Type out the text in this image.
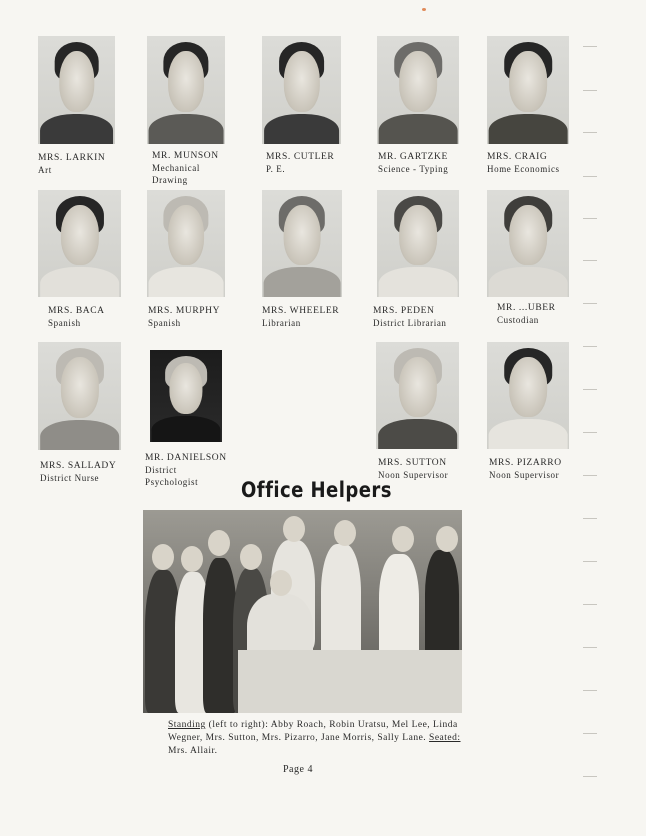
MRS. LARKIN
Art
MR. MUNSON
Mechanical Drawing
MRS. CUTLER
P. E.
MR. GARTZKE
Science - Typing
MRS. CRAIG
Home Economics
MRS. BACA
Spanish
MRS. MURPHY
Spanish
MRS. WHEELER
Librarian
MRS. PEDEN
District Librarian
MR. ...UBER
Custodian
MRS. SALLADY
District Nurse
MR. DANIELSON
District Psychologist
MRS. SUTTON
Noon Supervisor
MRS. PIZARRO
Noon Supervisor
Office Helpers
Standing (left to right): Abby Roach, Robin Uratsu, Mel Lee, Linda Wegner, Mrs. Sutton, Mrs. Pizarro, Jane Morris, Sally Lane. Seated: Mrs. Allair.
Page 4
